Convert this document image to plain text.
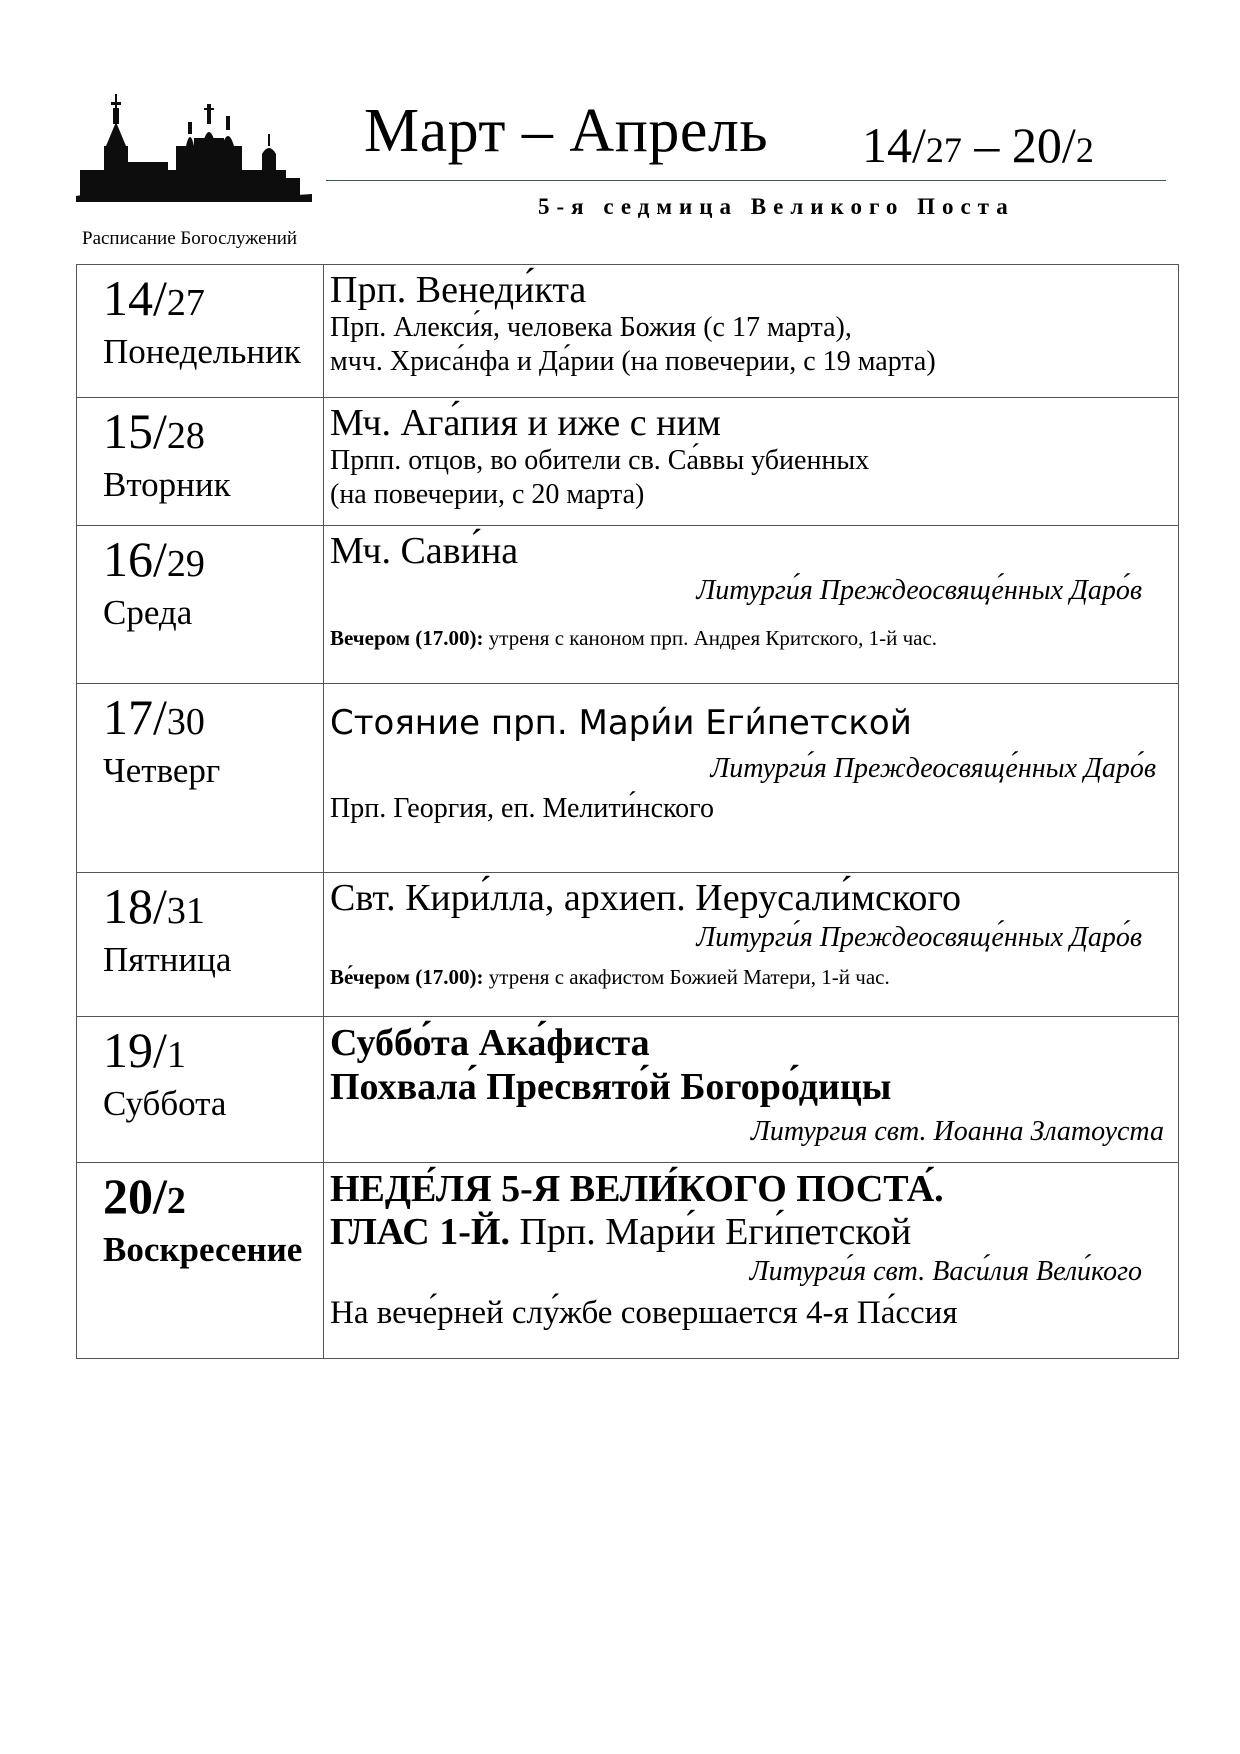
Расписание Богослужений
Март – Апрель 14/27 – 20/2
5-я седмица Великого Поста
14/27
Понедельник	Прп. Венеди́кта
Прп. Алекси́я, человека Божия (с 17 марта),
мчч. Хриса́нфа и Да́рии (на повечерии, с 19 марта)

15/28
Вторник	Мч. Ага́пия и иже с ним
Прпп. отцов, во обители св. Са́ввы убиенных
(на повечерии, с 20 марта)

16/29
Среда	Мч. Сави́на
Литурги́я Преждеосвяще́нных Даро́в
Вечером (17.00): утреня с каноном прп. Андрея Критского, 1-й час.

17/30
Четверг	Стояние прп. Мари́и Еги́петской
Литурги́я Преждеосвяще́нных Даро́в
Прп. Георгия, еп. Мелити́нского

18/31
Пятница	Свт. Кири́лла, архиеп. Иерусали́мского
Литурги́я Преждеосвяще́нных Даро́в
Ве́чером (17.00): утреня с акафистом Божией Матери, 1-й час.

19/1
Суббота	Суббо́та Ака́фиста
Похвала́ Пресвято́й Богоро́дицы
Литургия свт. Иоанна Златоуста

20/2
Воскресение	НЕДЕ́ЛЯ 5-Я ВЕЛИ́КОГО ПОСТА́.
ГЛАС 1-Й. Прп. Мари́и Еги́петской
Литурги́я свт. Васи́лия Вели́кого
На вече́рней слу́жбе совершается 4-я Па́ссия
